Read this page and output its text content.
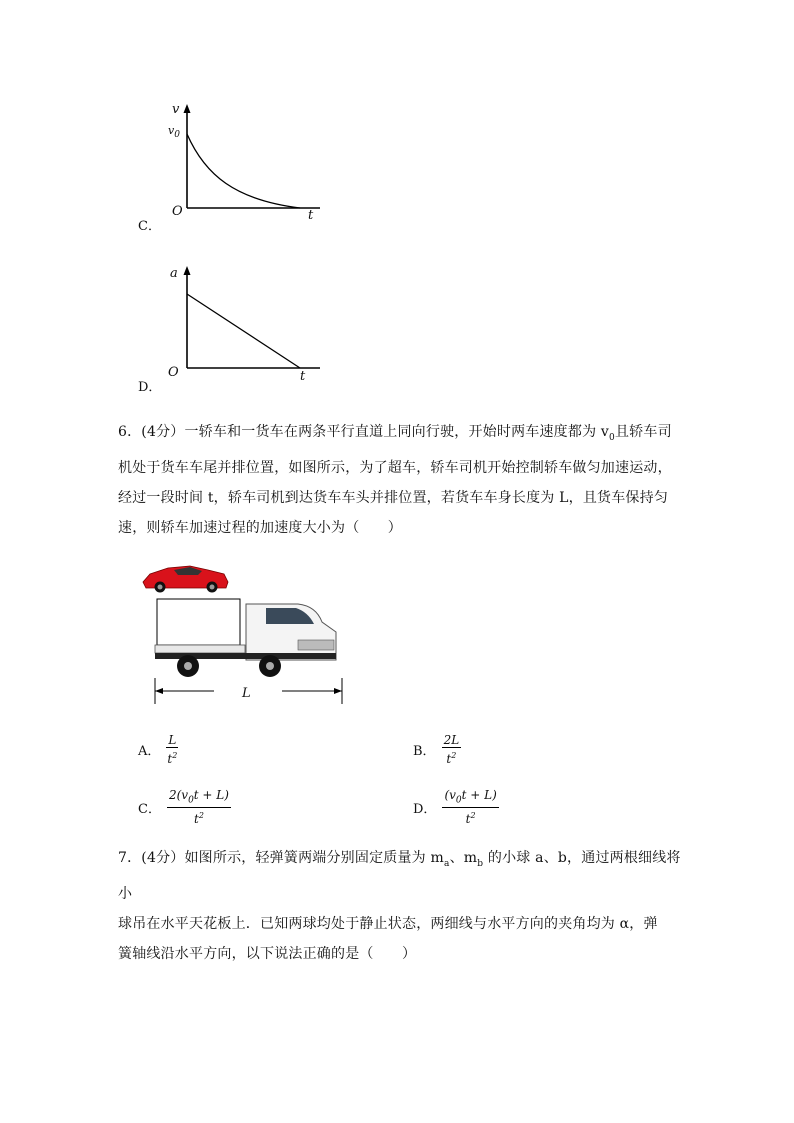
v
$v_0$
O	t
C．
a
O	t
D．
6．(4分）一轿车和一货车在两条平行直道上同向行驶，开始时两车速度都为 $v_0$且轿车司
机处于货车车尾并排位置，如图所示，为了超车，轿车司机开始控制轿车做匀加速运动，
经过一段时间 t，轿车司机到达货车车头并排位置，若货车车身长度为 L，且货车保持匀
速，则轿车加速过程的加速度大小为（　　）
L
A． $\frac{L}{t^2}$	B． $\frac{2L}{t^2}$
C． $\frac{2(v_0t + L)}{t^2}$	D． $\frac{(v_0t + L)}{t^2}$
7．(4分）如图所示，轻弹簧两端分别固定质量为 $m_a$、$m_b$ 的小球 a、b，通过两根细线将小
球吊在水平天花板上．已知两球均处于静止状态，两细线与水平方向的夹角均为 α，弹
簧轴线沿水平方向，以下说法正确的是（　　）
